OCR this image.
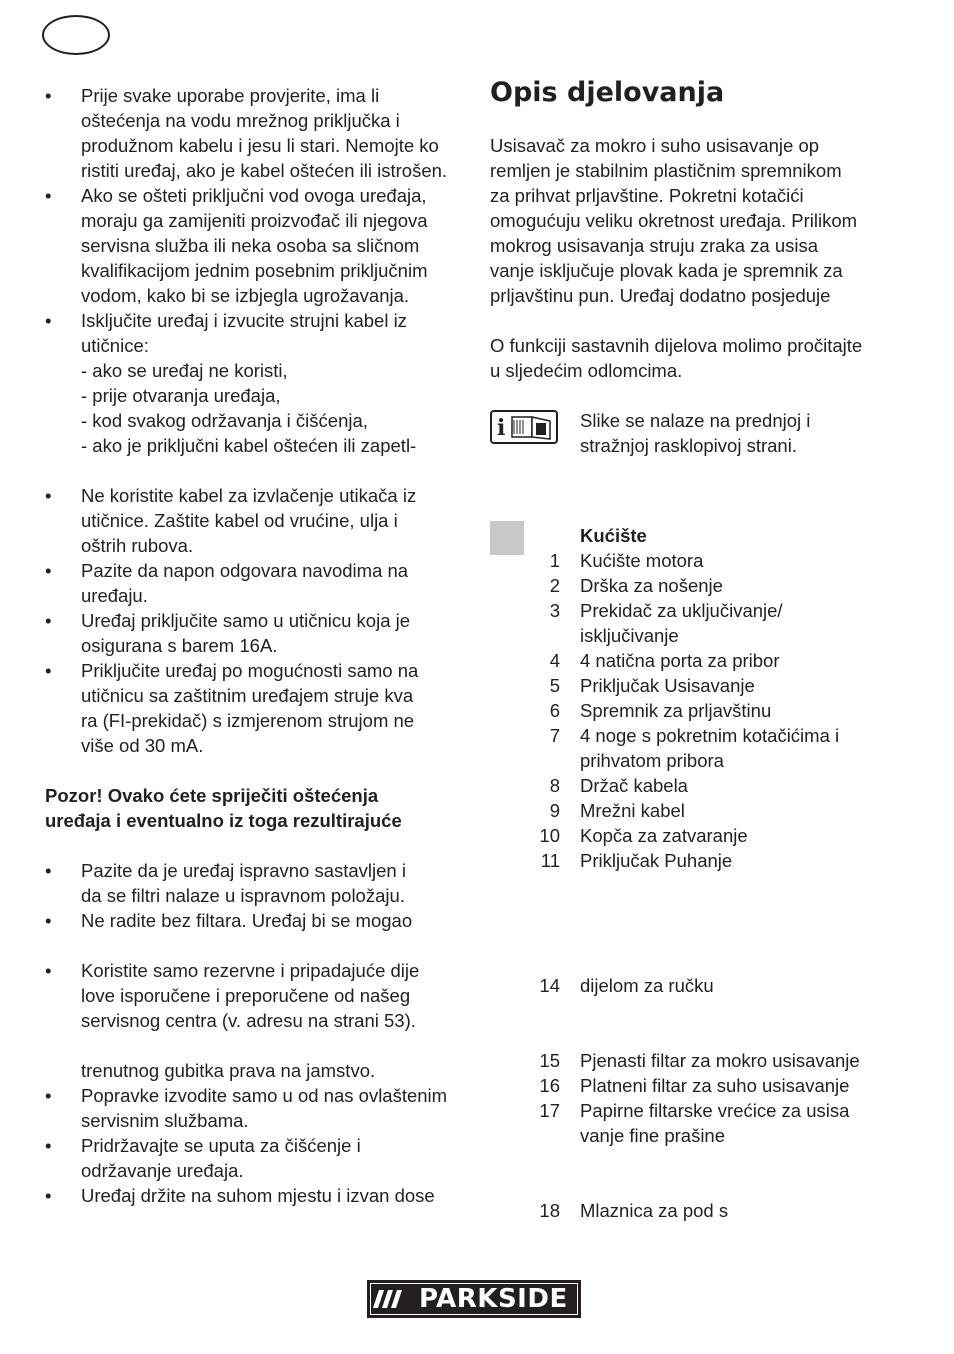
• Prije svake uporabe provjerite, ima li
oštećenja na vodu mrežnog priključka i
produžnom kabelu i jesu li stari. Nemojte ko
ristiti uređaj, ako je kabel oštećen ili istrošen.
• Ako se ošteti priključni vod ovoga uređaja,
moraju ga zamijeniti proizvođač ili njegova
servisna služba ili neka osoba sa sličnom
kvalifikacijom jednim posebnim priključnim
vodom, kako bi se izbjegla ugrožavanja.
• Isključite uređaj i izvucite strujni kabel iz
utičnice:
- ako se uređaj ne koristi,
- prije otvaranja uređaja,
- kod svakog održavanja i čišćenja,
- ako je priključni kabel oštećen ili zapetl-
• Ne koristite kabel za izvlačenje utikača iz
utičnice. Zaštite kabel od vrućine, ulja i
oštrih rubova.
• Pazite da napon odgovara navodima na
uređaju.
• Uređaj priključite samo u utičnicu koja je
osigurana s barem 16A.
• Priključite uređaj po mogućnosti samo na
utičnicu sa zaštitnim uređajem struje kva
ra (FI-prekidač) s izmjerenom strujom ne
više od 30 mA.
Pozor! Ovako ćete spriječiti oštećenja
uređaja i eventualno iz toga rezultirajuće
• Pazite da je uređaj ispravno sastavljen i
da se filtri nalaze u ispravnom položaju.
• Ne radite bez filtara. Uređaj bi se mogao
• Koristite samo rezervne i pripadajuće dije
love isporučene i preporučene od našeg
servisnog centra (v. adresu na strani 53).
trenutnog gubitka prava na jamstvo.
• Popravke izvodite samo u od nas ovlaštenim
servisnim službama.
• Pridržavajte se uputa za čišćenje i
održavanje uređaja.
• Uređaj držite na suhom mjestu i izvan dose
Opis djelovanja
Usisavač za mokro i suho usisavanje op
remljen je stabilnim plastičnim spremnikom
za prihvat prljavštine. Pokretni kotačići
omogućuju veliku okretnost uređaja. Prilikom
mokrog usisavanja struju zraka za usisa
vanje isključuje plovak kada je spremnik za
prljavštinu pun. Uređaj dodatno posjeduje
O funkciji sastavnih dijelova molimo pročitajte
u sljedećim odlomcima.
i	Slike se nalaze na prednjoj i
stražnjoj rasklopivoj strani.
Kućište
1 Kućište motora
2 Drška za nošenje
3 Prekidač za uključivanje/
isključivanje
4 4 natična porta za pribor
5 Priključak Usisavanje
6 Spremnik za prljavštinu
7 4 noge s pokretnim kotačićima i
prihvatom pribora
8 Držač kabela
9 Mrežni kabel
10 Kopča za zatvaranje
11 Priključak Puhanje
14 dijelom za ručku
15 Pjenasti filtar za mokro usisavanje
16 Platneni filtar za suho usisavanje
17 Papirne filtarske vrećice za usisa
vanje fine prašine
18 Mlaznica za pod s
PARKSIDE
